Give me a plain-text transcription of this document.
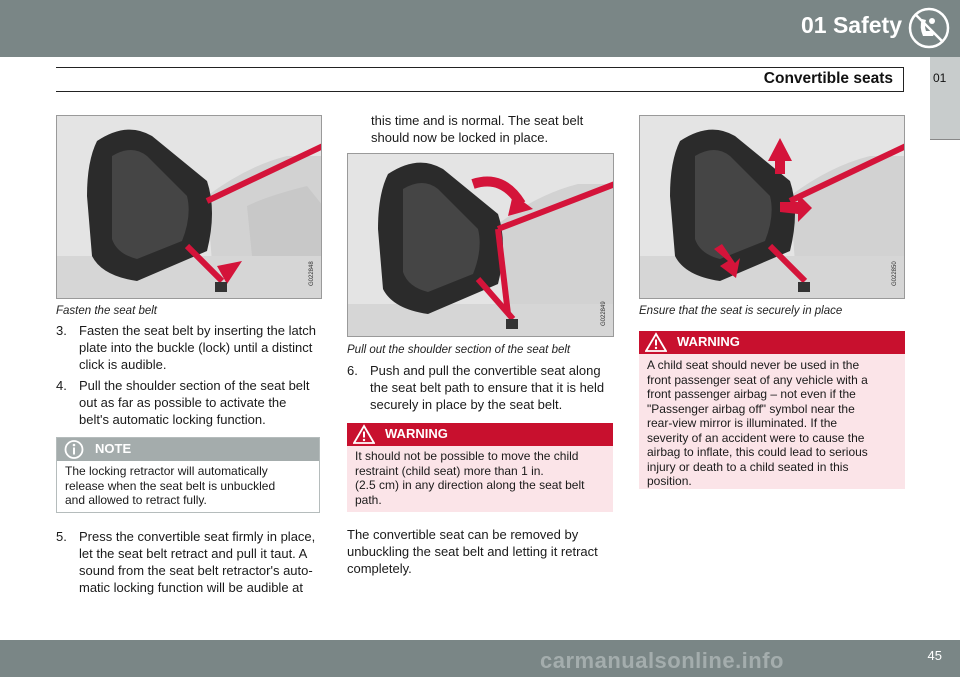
01 Safety
Convertible seats	01
G022848
Fasten the seat belt
3. Fasten the seat belt by inserting the latch
plate into the buckle (lock) until a distinct
click is audible.
4. Pull the shoulder section of the seat belt
out as far as possible to activate the
belt's automatic locking function.
NOTE
The locking retractor will automatically
release when the seat belt is unbuckled
and allowed to retract fully.
5. Press the convertible seat firmly in place,
let the seat belt retract and pull it taut. A
sound from the seat belt retractor's auto-
matic locking function will be audible at
this time and is normal. The seat belt
should now be locked in place.
G022849
Pull out the shoulder section of the seat belt
6. Push and pull the convertible seat along
the seat belt path to ensure that it is held
securely in place by the seat belt.
WARNING
It should not be possible to move the child
restraint (child seat) more than 1 in.
(2.5 cm) in any direction along the seat belt
path.
The convertible seat can be removed by
unbuckling the seat belt and letting it retract
completely.
G022850
Ensure that the seat is securely in place
WARNING
A child seat should never be used in the
front passenger seat of any vehicle with a
front passenger airbag – not even if the
"Passenger airbag off" symbol near the
rear-view mirror is illuminated. If the
severity of an accident were to cause the
airbag to inflate, this could lead to serious
injury or death to a child seated in this
position.
45
carmanualsonline.info
